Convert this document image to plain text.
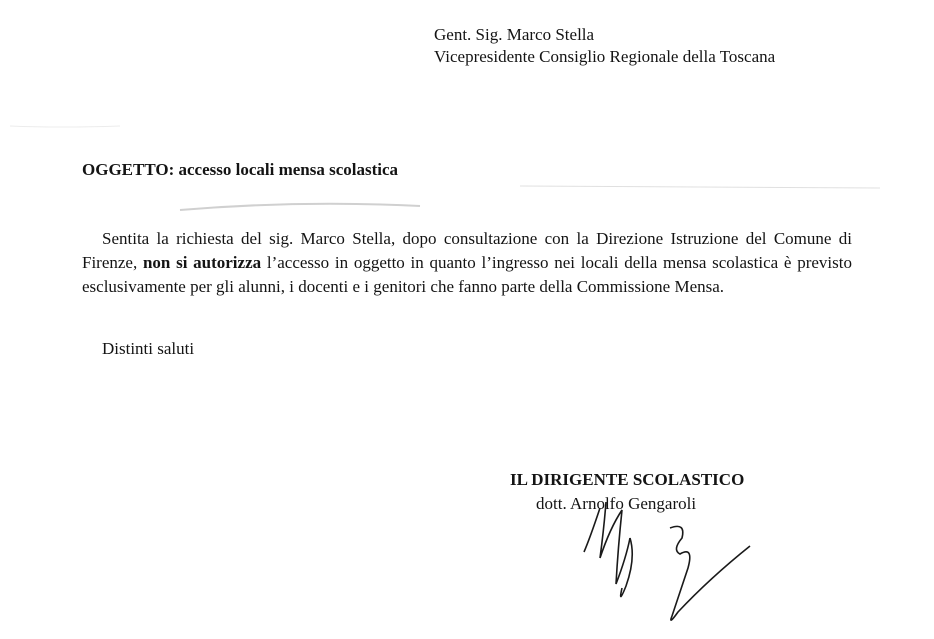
Gent. Sig. Marco Stella
Vicepresidente Consiglio Regionale della Toscana
OGGETTO: accesso locali mensa scolastica
Sentita la richiesta del sig. Marco Stella, dopo consultazione con la Direzione Istruzione del Comune di Firenze, non si autorizza l’accesso in oggetto in quanto l’ingresso nei locali della mensa scolastica è previsto esclusivamente per gli alunni, i docenti e i genitori che fanno parte della Commissione Mensa.
Distinti saluti
IL DIRIGENTE SCOLASTICO
dott. Arnolfo Gengaroli
